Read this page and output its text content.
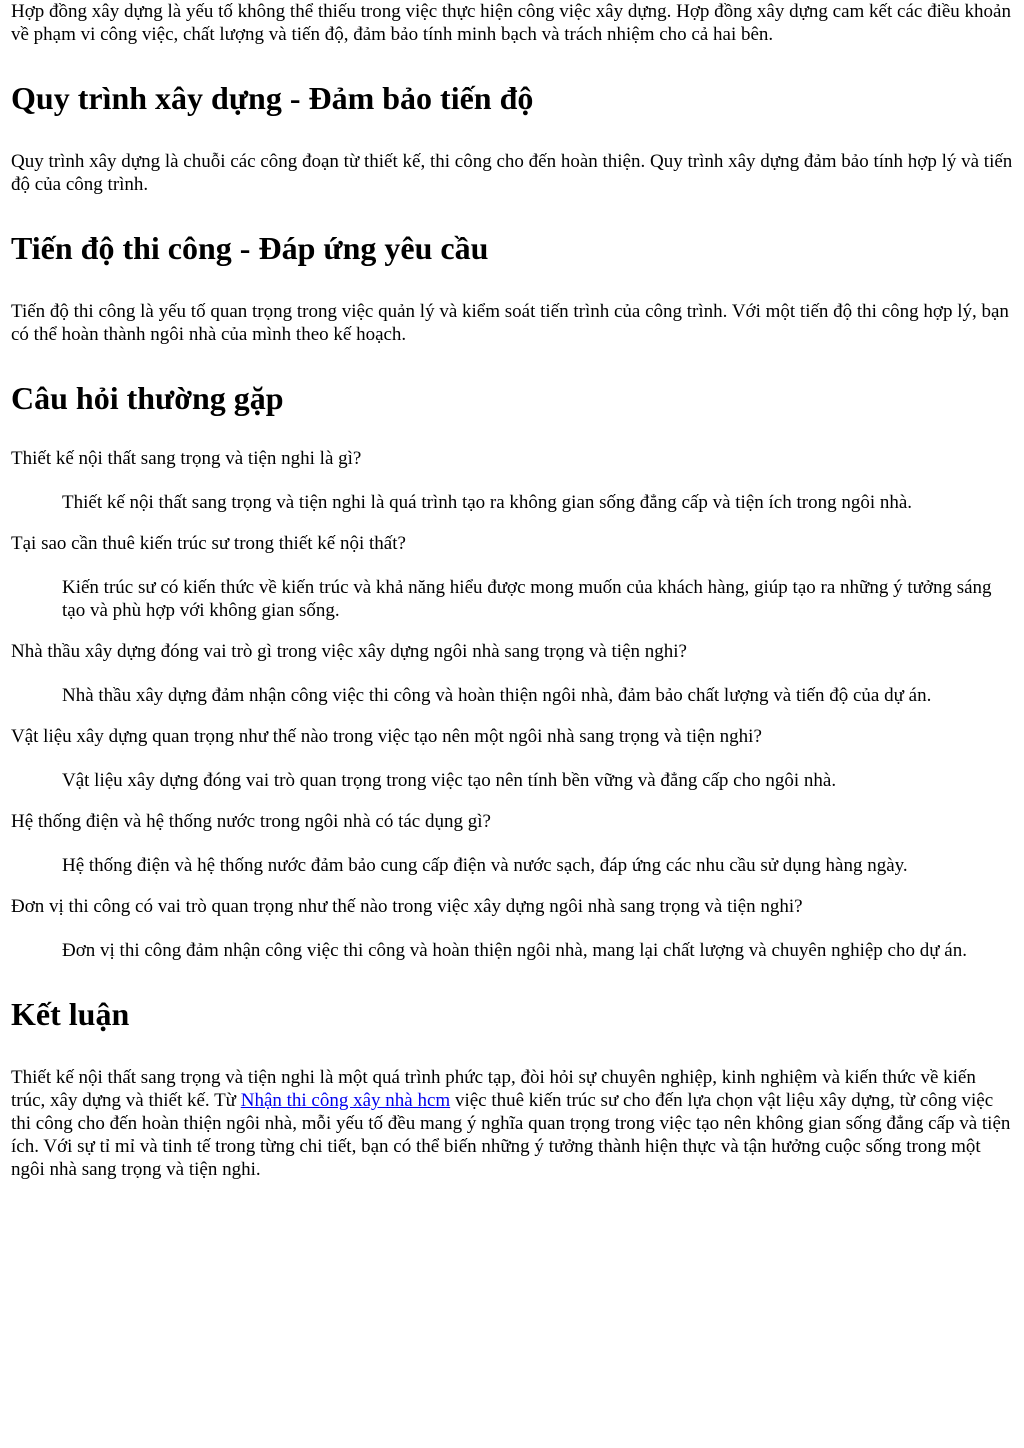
Hợp đồng xây dựng là yếu tố không thể thiếu trong việc thực hiện công việc xây dựng. Hợp đồng xây dựng cam kết các điều khoản về phạm vi công việc, chất lượng và tiến độ, đảm bảo tính minh bạch và trách nhiệm cho cả hai bên.

Quy trình xây dựng - Đảm bảo tiến độ

Quy trình xây dựng là chuỗi các công đoạn từ thiết kế, thi công cho đến hoàn thiện. Quy trình xây dựng đảm bảo tính hợp lý và tiến độ của công trình.

Tiến độ thi công - Đáp ứng yêu cầu

Tiến độ thi công là yếu tố quan trọng trong việc quản lý và kiểm soát tiến trình của công trình. Với một tiến độ thi công hợp lý, bạn có thể hoàn thành ngôi nhà của mình theo kế hoạch.

Câu hỏi thường gặp

Thiết kế nội thất sang trọng và tiện nghi là gì?

Thiết kế nội thất sang trọng và tiện nghi là quá trình tạo ra không gian sống đẳng cấp và tiện ích trong ngôi nhà.

Tại sao cần thuê kiến trúc sư trong thiết kế nội thất?

Kiến trúc sư có kiến thức về kiến trúc và khả năng hiểu được mong muốn của khách hàng, giúp tạo ra những ý tưởng sáng tạo và phù hợp với không gian sống.

Nhà thầu xây dựng đóng vai trò gì trong việc xây dựng ngôi nhà sang trọng và tiện nghi?

Nhà thầu xây dựng đảm nhận công việc thi công và hoàn thiện ngôi nhà, đảm bảo chất lượng và tiến độ của dự án.

Vật liệu xây dựng quan trọng như thế nào trong việc tạo nên một ngôi nhà sang trọng và tiện nghi?

Vật liệu xây dựng đóng vai trò quan trọng trong việc tạo nên tính bền vững và đẳng cấp cho ngôi nhà.

Hệ thống điện và hệ thống nước trong ngôi nhà có tác dụng gì?

Hệ thống điện và hệ thống nước đảm bảo cung cấp điện và nước sạch, đáp ứng các nhu cầu sử dụng hàng ngày.

Đơn vị thi công có vai trò quan trọng như thế nào trong việc xây dựng ngôi nhà sang trọng và tiện nghi?

Đơn vị thi công đảm nhận công việc thi công và hoàn thiện ngôi nhà, mang lại chất lượng và chuyên nghiệp cho dự án.

Kết luận

Thiết kế nội thất sang trọng và tiện nghi là một quá trình phức tạp, đòi hỏi sự chuyên nghiệp, kinh nghiệm và kiến thức về kiến trúc, xây dựng và thiết kế. Từ Nhận thi công xây nhà hcm việc thuê kiến trúc sư cho đến lựa chọn vật liệu xây dựng, từ công việc thi công cho đến hoàn thiện ngôi nhà, mỗi yếu tố đều mang ý nghĩa quan trọng trong việc tạo nên không gian sống đẳng cấp và tiện ích. Với sự tỉ mỉ và tinh tế trong từng chi tiết, bạn có thể biến những ý tưởng thành hiện thực và tận hưởng cuộc sống trong một ngôi nhà sang trọng và tiện nghi.
